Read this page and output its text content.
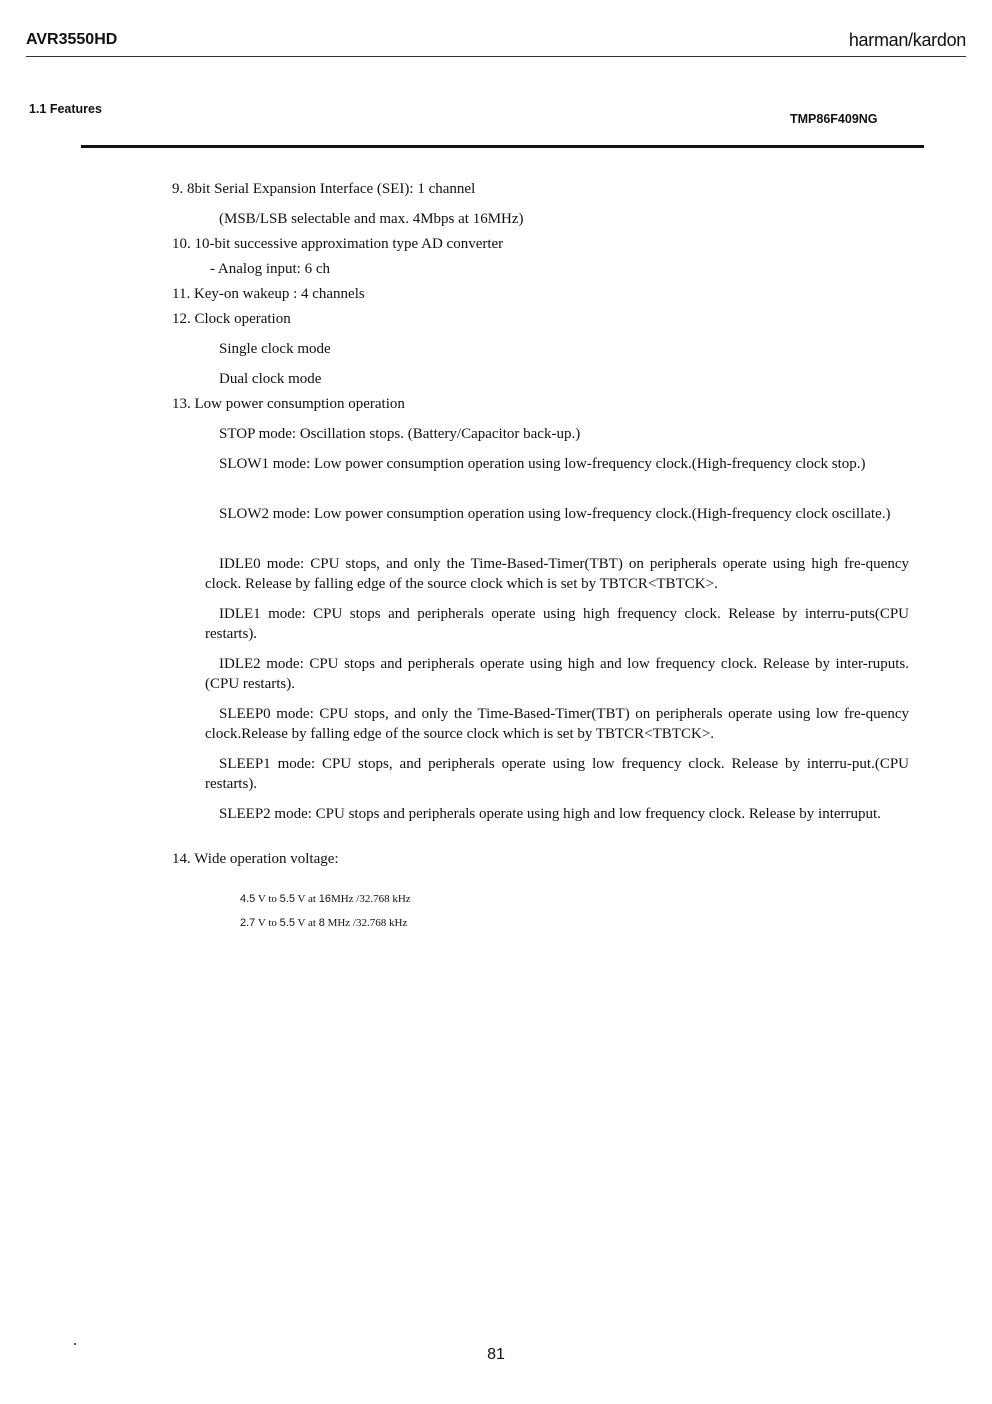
AVR3550HD	harman/kardon
1.1 Features
TMP86F409NG
9. 8bit Serial Expansion Interface (SEI): 1 channel
(MSB/LSB selectable and max. 4Mbps at 16MHz)
10. 10-bit successive approximation type AD converter
- Analog input: 6 ch
11. Key-on wakeup : 4 channels
12. Clock operation
Single clock mode
Dual clock mode
13. Low power consumption operation
STOP mode: Oscillation stops. (Battery/Capacitor back-up.)
SLOW1 mode: Low power consumption operation using low-frequency clock.(High-frequency clock stop.)
SLOW2 mode: Low power consumption operation using low-frequency clock.(High-frequency clock oscillate.)
IDLE0 mode: CPU stops, and only the Time-Based-Timer(TBT) on peripherals operate using high fre-quency clock. Release by falling edge of the source clock which is set by TBTCR<TBTCK>.
IDLE1 mode: CPU stops and peripherals operate using high frequency clock. Release by interru-puts(CPU restarts).
IDLE2 mode: CPU stops and peripherals operate using high and low frequency clock. Release by inter-ruputs. (CPU restarts).
SLEEP0 mode: CPU stops, and only the Time-Based-Timer(TBT) on peripherals operate using low fre-quency clock.Release by falling edge of the source clock which is set by TBTCR<TBTCK>.
SLEEP1 mode: CPU stops, and peripherals operate using low frequency clock. Release by interru-put.(CPU restarts).
SLEEP2 mode: CPU stops and peripherals operate using high and low frequency clock. Release by interruput.
14. Wide operation voltage:
4.5 V to 5.5 V at 16MHz /32.768 kHz
2.7 V to 5.5 V at 8 MHz /32.768 kHz
81
